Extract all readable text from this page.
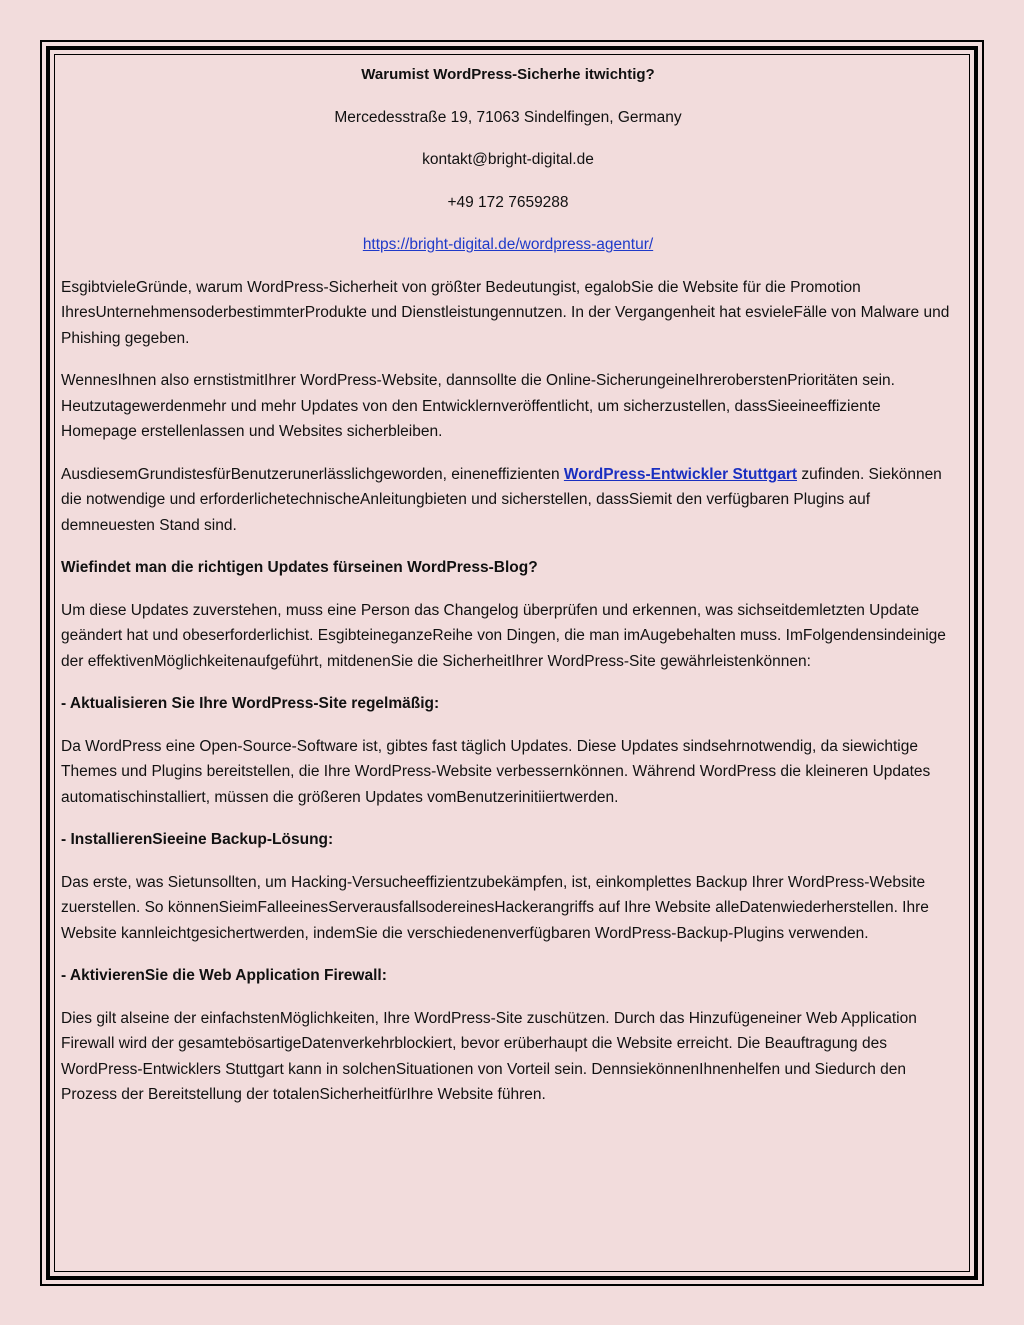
Warumist WordPress-Sicherhe itwichtig?
Mercedesstraße 19, 71063 Sindelfingen, Germany
kontakt@bright-digital.de
+49 172 7659288
https://bright-digital.de/wordpress-agentur/

EsgibtvieleGründe, warum WordPress-Sicherheit von größter Bedeutungist, egalobSie die Website für die Promotion IhresUnternehmensoderbestimmterProdukte und Dienstleistungennutzen. In der Vergangenheit hat esvieleFälle von Malware und Phishing gegeben.

WennesIhnen also ernstistmitIhrer WordPress-Website, dannsollte die Online-SicherungeineIhreroberstenPrioritäten sein. Heutzutagewerdenmehr und mehr Updates von den Entwicklernveröffentlicht, um sicherzustellen, dassSieeineeffiziente Homepage erstellenlassen und Websites sicherbleiben.

AusdiesemGrundistesfürBenutzerunerlässlichgeworden, eineneffizienten WordPress-Entwickler Stuttgart zufinden. Siekönnen die notwendige und erforderlichetechnischeAnleitungbieten und sicherstellen, dassSiemit den verfügbaren Plugins auf demneuesten Stand sind.

Wiefindet man die richtigen Updates fürseinen WordPress-Blog?

Um diese Updates zuverstehen, muss eine Person das Changelog überprüfen und erkennen, was sichseitdemletzten Update geändert hat und obeserforderlichist. EsgibteineganzeReihe von Dingen, die man imAugebehalten muss. ImFolgendensindeinige der effektivenMöglichkeitenaufgeführt, mitdenenSie die SicherheitIhrer WordPress-Site gewährleistenkönnen:

- Aktualisieren Sie Ihre WordPress-Site regelmäßig:

Da WordPress eine Open-Source-Software ist, gibtes fast täglich Updates. Diese Updates sindsehrnotwendig, da siewichtige Themes und Plugins bereitstellen, die Ihre WordPress-Website verbessernkönnen. Während WordPress die kleineren Updates automatischinstalliert, müssen die größeren Updates vomBenutzerinitiiertwerden.

- InstallierenSieeine Backup-Lösung:

Das erste, was Sietunsollten, um Hacking-Versucheeffizientzubekämpfen, ist, einkomplettes Backup Ihrer WordPress-Website zuerstellen. So könnenSieimFalleeinesServerausfallsodereinesHackerangriffs auf Ihre Website alleDatenwiederherstellen. Ihre Website kannleichtgesichertwerden, indemSie die verschiedenenverfügbaren WordPress-Backup-Plugins verwenden.

- AktivierenSie die Web Application Firewall:

Dies gilt alseine der einfachstenMöglichkeiten, Ihre WordPress-Site zuschützen. Durch das Hinzufügeneiner Web Application Firewall wird der gesamtebösartigeDatenverkehrblockiert, bevor erüberhaupt die Website erreicht. Die Beauftragung des WordPress-Entwicklers Stuttgart kann in solchenSituationen von Vorteil sein. DennsiekönnenIhnenhelfen und Siedurch den Prozess der Bereitstellung der totalenSicherheitfürIhre Website führen.
